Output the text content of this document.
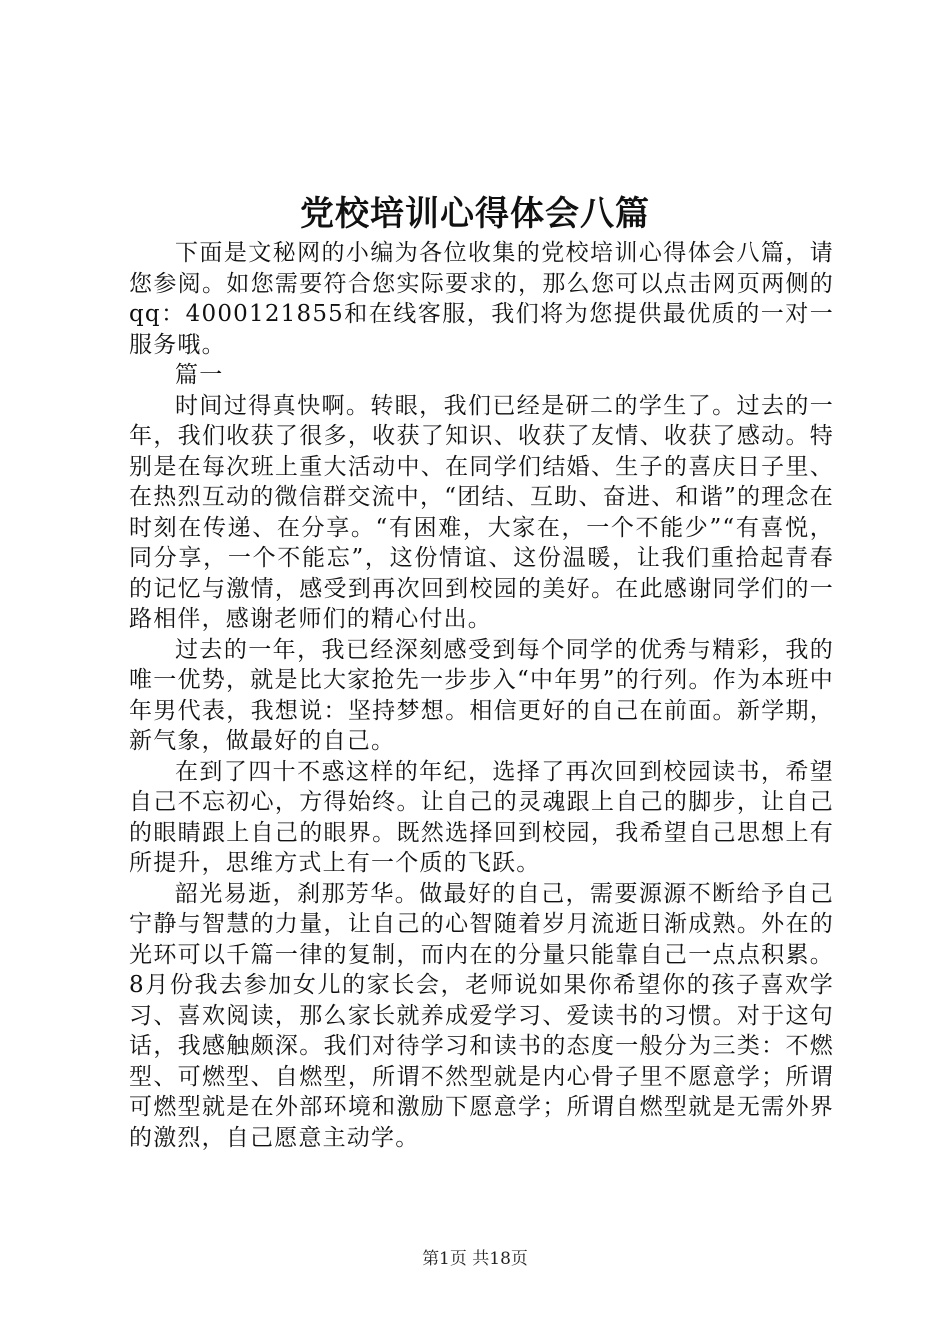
党校培训心得体会八篇

下面是文秘网的小编为各位收集的党校培训心得体会八篇，请您参阅。如您需要符合您实际要求的，那么您可以点击网页两侧的qq：4000121855和在线客服，我们将为您提供最优质的一对一服务哦。

篇一

时间过得真快啊。转眼，我们已经是研二的学生了。过去的一年，我们收获了很多，收获了知识、收获了友情、收获了感动。特别是在每次班上重大活动中、在同学们结婚、生子的喜庆日子里、在热烈互动的微信群交流中，“团结、互助、奋进、和谐”的理念在时刻在传递、在分享。“有困难，大家在，一个不能少”“有喜悦，同分享，一个不能忘”，这份情谊、这份温暖，让我们重拾起青春的记忆与激情，感受到再次回到校园的美好。在此感谢同学们的一路相伴，感谢老师们的精心付出。

过去的一年，我已经深刻感受到每个同学的优秀与精彩，我的唯一优势，就是比大家抢先一步步入“中年男”的行列。作为本班中年男代表，我想说：坚持梦想。相信更好的自己在前面。新学期，新气象，做最好的自己。

在到了四十不惑这样的年纪，选择了再次回到校园读书，希望自己不忘初心，方得始终。让自己的灵魂跟上自己的脚步，让自己的眼睛跟上自己的眼界。既然选择回到校园，我希望自己思想上有所提升，思维方式上有一个质的飞跃。

韶光易逝，刹那芳华。做最好的自己，需要源源不断给予自己宁静与智慧的力量，让自己的心智随着岁月流逝日渐成熟。外在的光环可以千篇一律的复制，而内在的分量只能靠自己一点点积累。8月份我去参加女儿的家长会，老师说如果你希望你的孩子喜欢学习、喜欢阅读，那么家长就养成爱学习、爱读书的习惯。对于这句话，我感触颇深。我们对待学习和读书的态度一般分为三类：不燃型、可燃型、自燃型，所谓不然型就是内心骨子里不愿意学；所谓可燃型就是在外部环境和激励下愿意学；所谓自燃型就是无需外界的激烈，自己愿意主动学。

第1页 共18页
